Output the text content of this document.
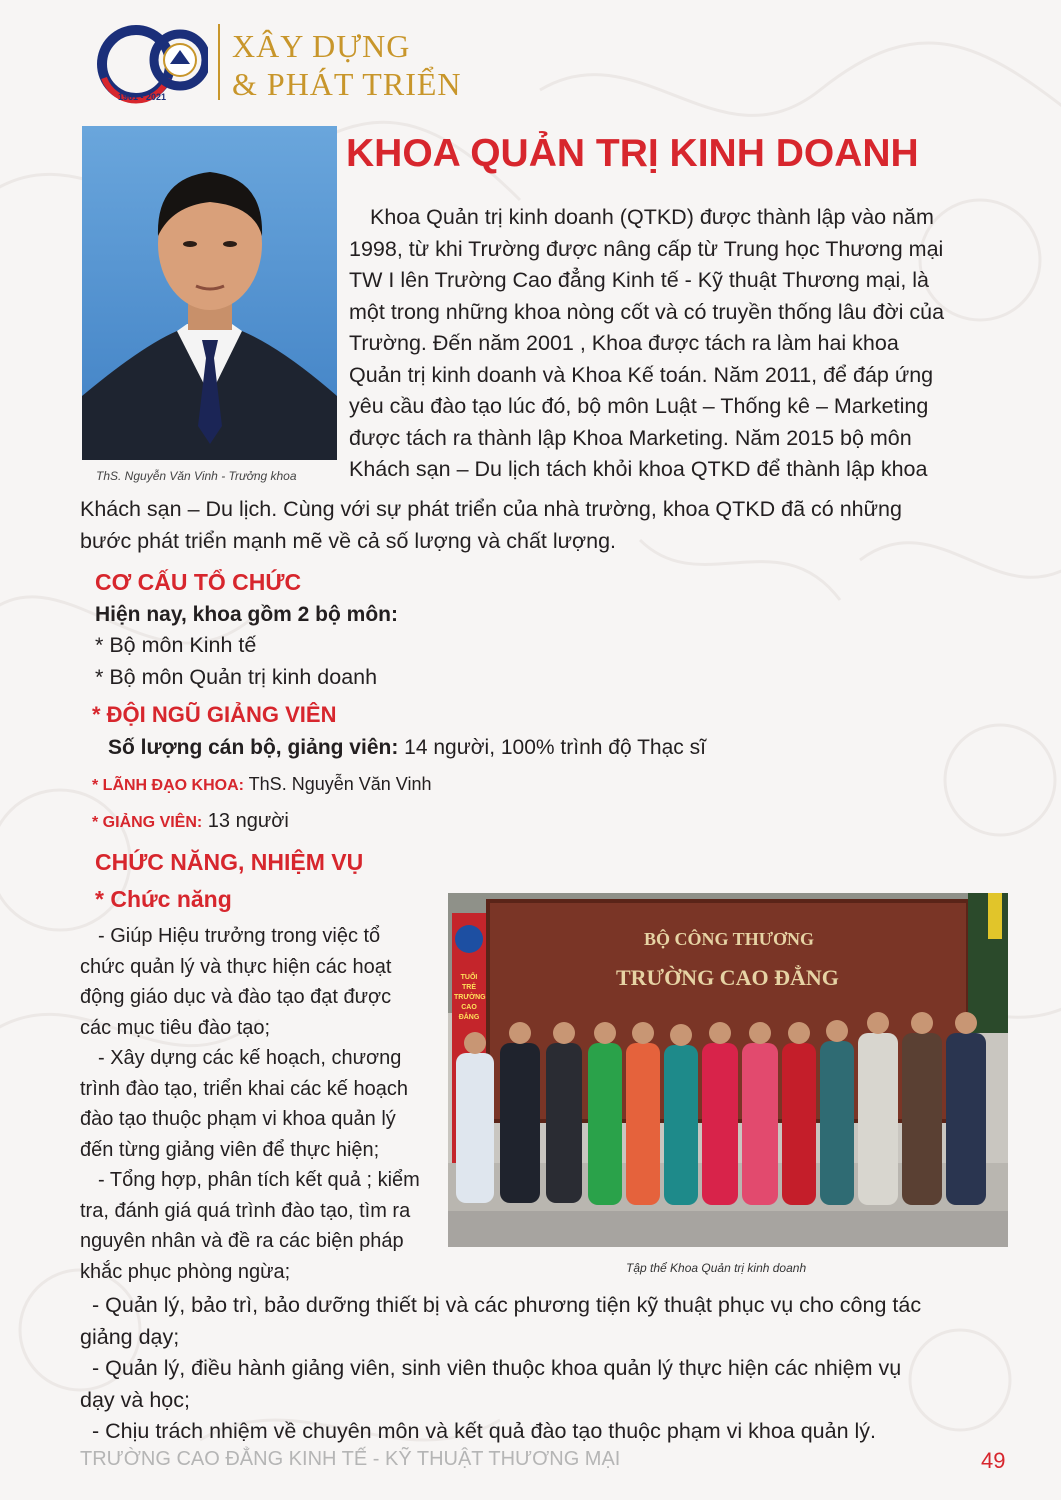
1961 - 2021
XÂY DỰNG
& PHÁT TRIỂN
ThS. Nguyễn Văn Vinh - Trưởng khoa
KHOA QUẢN TRỊ KINH DOANH

Khoa Quản trị kinh doanh (QTKD) được thành lập vào năm

1998, từ khi Trường được nâng cấp từ Trung học Thương mại

TW I lên Trường Cao đẳng Kinh tế - Kỹ thuật Thương mại, là

một trong những khoa nòng cốt và có truyền thống lâu đời của

Trường. Đến năm 2001 , Khoa được tách ra làm hai khoa

Quản trị kinh doanh và Khoa Kế toán. Năm 2011, để đáp ứng

yêu cầu đào tạo lúc đó, bộ môn Luật – Thống kê – Marketing

được tách ra thành lập Khoa Marketing. Năm 2015 bộ môn

Khách sạn – Du lịch tách khỏi khoa QTKD để thành lập khoa

Khách sạn – Du lịch. Cùng với sự phát triển của nhà trường, khoa QTKD đã có những

bước phát triển mạnh mẽ về cả số lượng và chất lượng.

CƠ CẤU TỔ CHỨC
Hiện nay, khoa gồm 2 bộ môn:

* Bộ môn Kinh tế

* Bộ môn Quản trị kinh doanh

* ĐỘI NGŨ GIẢNG VIÊN
Số lượng cán bộ, giảng viên: 14 người, 100% trình độ Thạc sĩ
* LÃNH ĐẠO KHOA: ThS. Nguyễn Văn Vinh
* GIẢNG VIÊN: 13 người
CHỨC NĂNG, NHIỆM VỤ
* Chức năng

- Giúp Hiệu trưởng trong việc tổ

chức quản lý và thực hiện các hoạt

động giáo dục và đào tạo đạt được

các mục tiêu đào tạo;

- Xây dựng các kế hoạch, chương

trình đào tạo, triển khai các kế hoạch

đào tạo thuộc phạm vi khoa quản lý

đến từng giảng viên để thực hiện;

- Tổng hợp, phân tích kết quả ; kiểm

tra, đánh giá quá trình đào tạo, tìm ra

nguyên nhân và đề ra các biện pháp

khắc phục phòng ngừa;

BỘ CÔNG THƯƠNG
TRƯỜNG CAO ĐẲNG
TUỔI TRẺ TRƯỜNG CAO ĐẲNG
Tập thể Khoa Quản trị kinh doanh

- Quản lý, bảo trì, bảo dưỡng thiết bị và các phương tiện kỹ thuật phục vụ cho công tác

giảng dạy;

- Quản lý, điều hành giảng viên, sinh viên thuộc khoa quản lý thực hiện các nhiệm vụ

dạy và học;

- Chịu trách nhiệm về chuyên môn và kết quả đào tạo thuộc phạm vi khoa quản lý.

TRƯỜNG CAO ĐẲNG KINH TẾ - KỸ THUẬT THƯƠNG MẠI	49
